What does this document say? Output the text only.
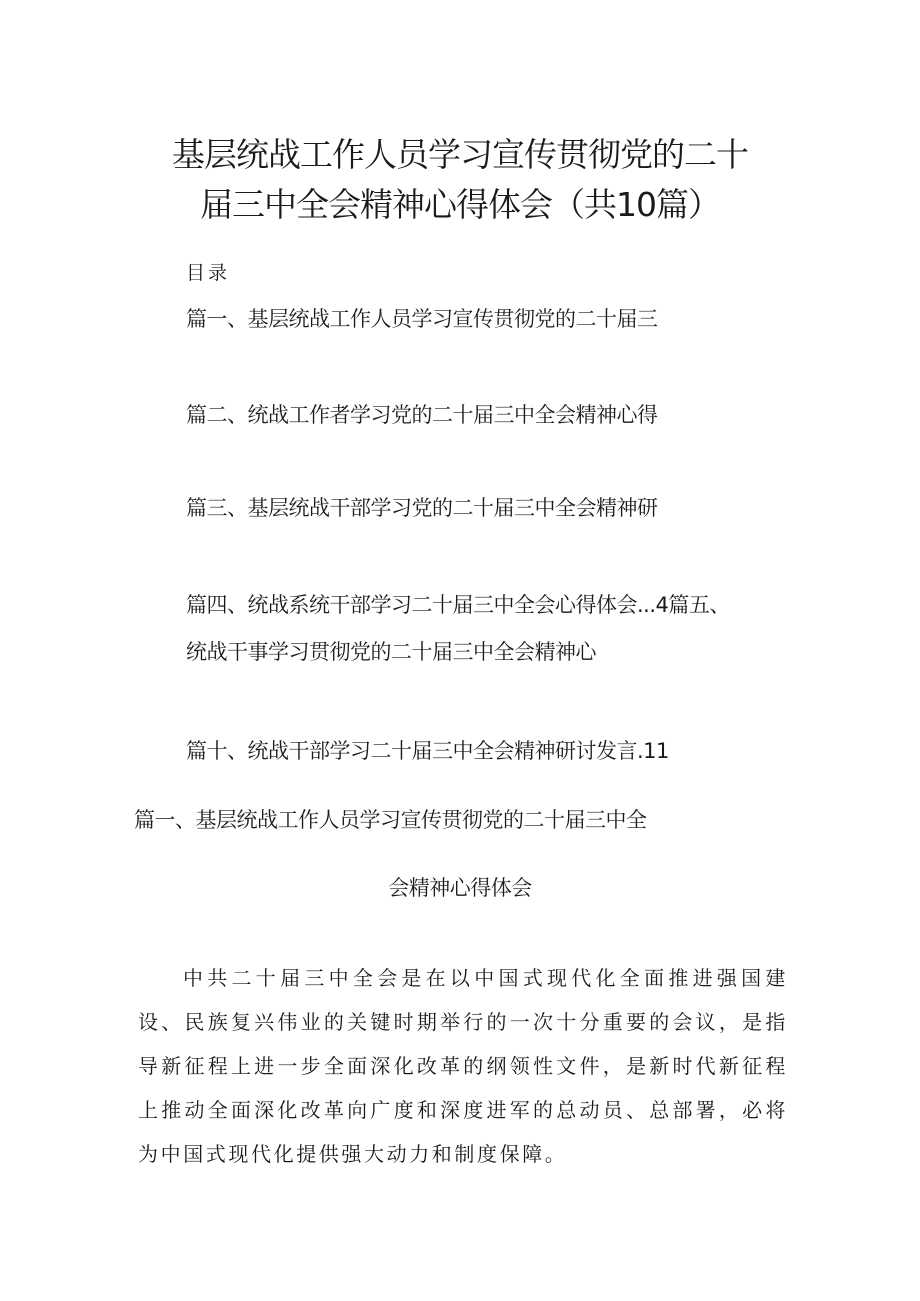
基层统战工作人员学习宣传贯彻党的二十
届三中全会精神心得体会（共10篇）
目录
篇一、基层统战工作人员学习宣传贯彻党的二十届三
篇二、统战工作者学习党的二十届三中全会精神心得
篇三、基层统战干部学习党的二十届三中全会精神研
篇四、统战系统干部学习二十届三中全会心得体会...4篇五、
统战干事学习贯彻党的二十届三中全会精神心
篇十、统战干部学习二十届三中全会精神研讨发言.11
篇一、基层统战工作人员学习宣传贯彻党的二十届三中全
会精神心得体会

中共二十届三中全会是在以中国式现代化全面推进强国建设、民族复兴伟业的关键时期举行的一次十分重要的会议，是指导新征程上进一步全面深化改革的纲领性文件，是新时代新征程上推动全面深化改革向广度和深度进军的总动员、总部署，必将为中国式现代化提供强大动力和制度保障。
